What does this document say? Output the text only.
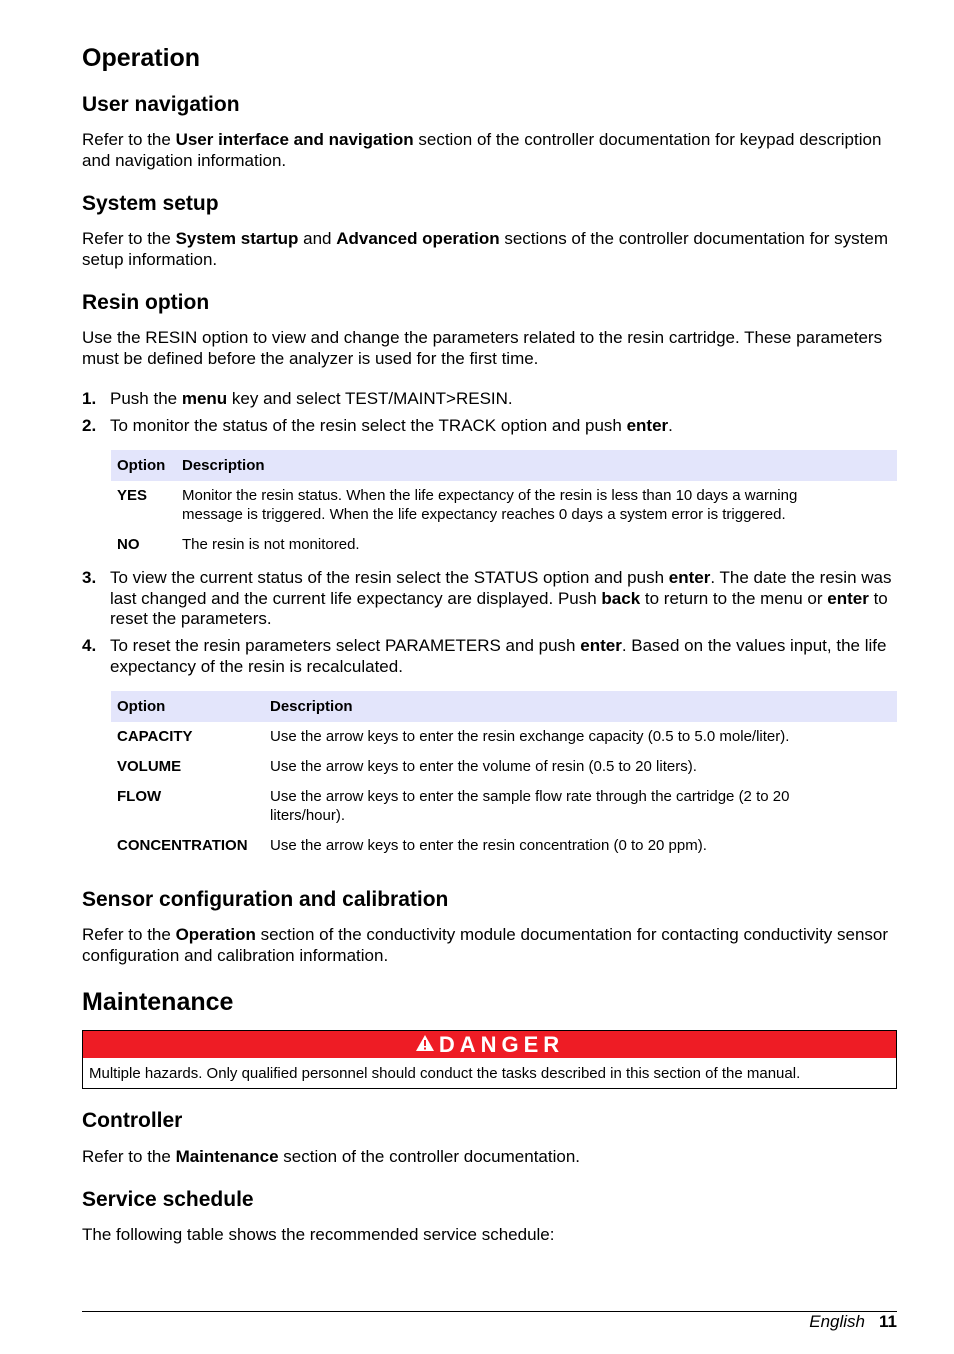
Operation
User navigation

Refer to the User interface and navigation section of the controller documentation for keypad description and navigation information.

System setup

Refer to the System startup and Advanced operation sections of the controller documentation for system setup information.

Resin option

Use the RESIN option to view and change the parameters related to the resin cartridge. These parameters must be defined before the analyzer is used for the first time.

1. Push the menu key and select TEST/MAINT>RESIN.
2. To monitor the status of the resin select the TRACK option and push enter.
Option	Description
YES	Monitor the resin status. When the life expectancy of the resin is less than 10 days a warning message is triggered. When the life expectancy reaches 0 days a system error is triggered.
NO	The resin is not monitored.
3. To view the current status of the resin select the STATUS option and push enter. The date the resin was last changed and the current life expectancy are displayed. Push back to return to the menu or enter to reset the parameters.
4. To reset the resin parameters select PARAMETERS and push enter. Based on the values input, the life expectancy of the resin is recalculated.
Option	Description
CAPACITY	Use the arrow keys to enter the resin exchange capacity (0.5 to 5.0 mole/liter).
VOLUME	Use the arrow keys to enter the volume of resin (0.5 to 20 liters).
FLOW	Use the arrow keys to enter the sample flow rate through the cartridge (2 to 20 liters/hour).
CONCENTRATION	Use the arrow keys to enter the resin concentration (0 to 20 ppm).
Sensor configuration and calibration

Refer to the Operation section of the conductivity module documentation for contacting conductivity sensor configuration and calibration information.

Maintenance
DANGER
Multiple hazards. Only qualified personnel should conduct the tasks described in this section of the manual.
Controller

Refer to the Maintenance section of the controller documentation.

Service schedule

The following table shows the recommended service schedule:

English 11
